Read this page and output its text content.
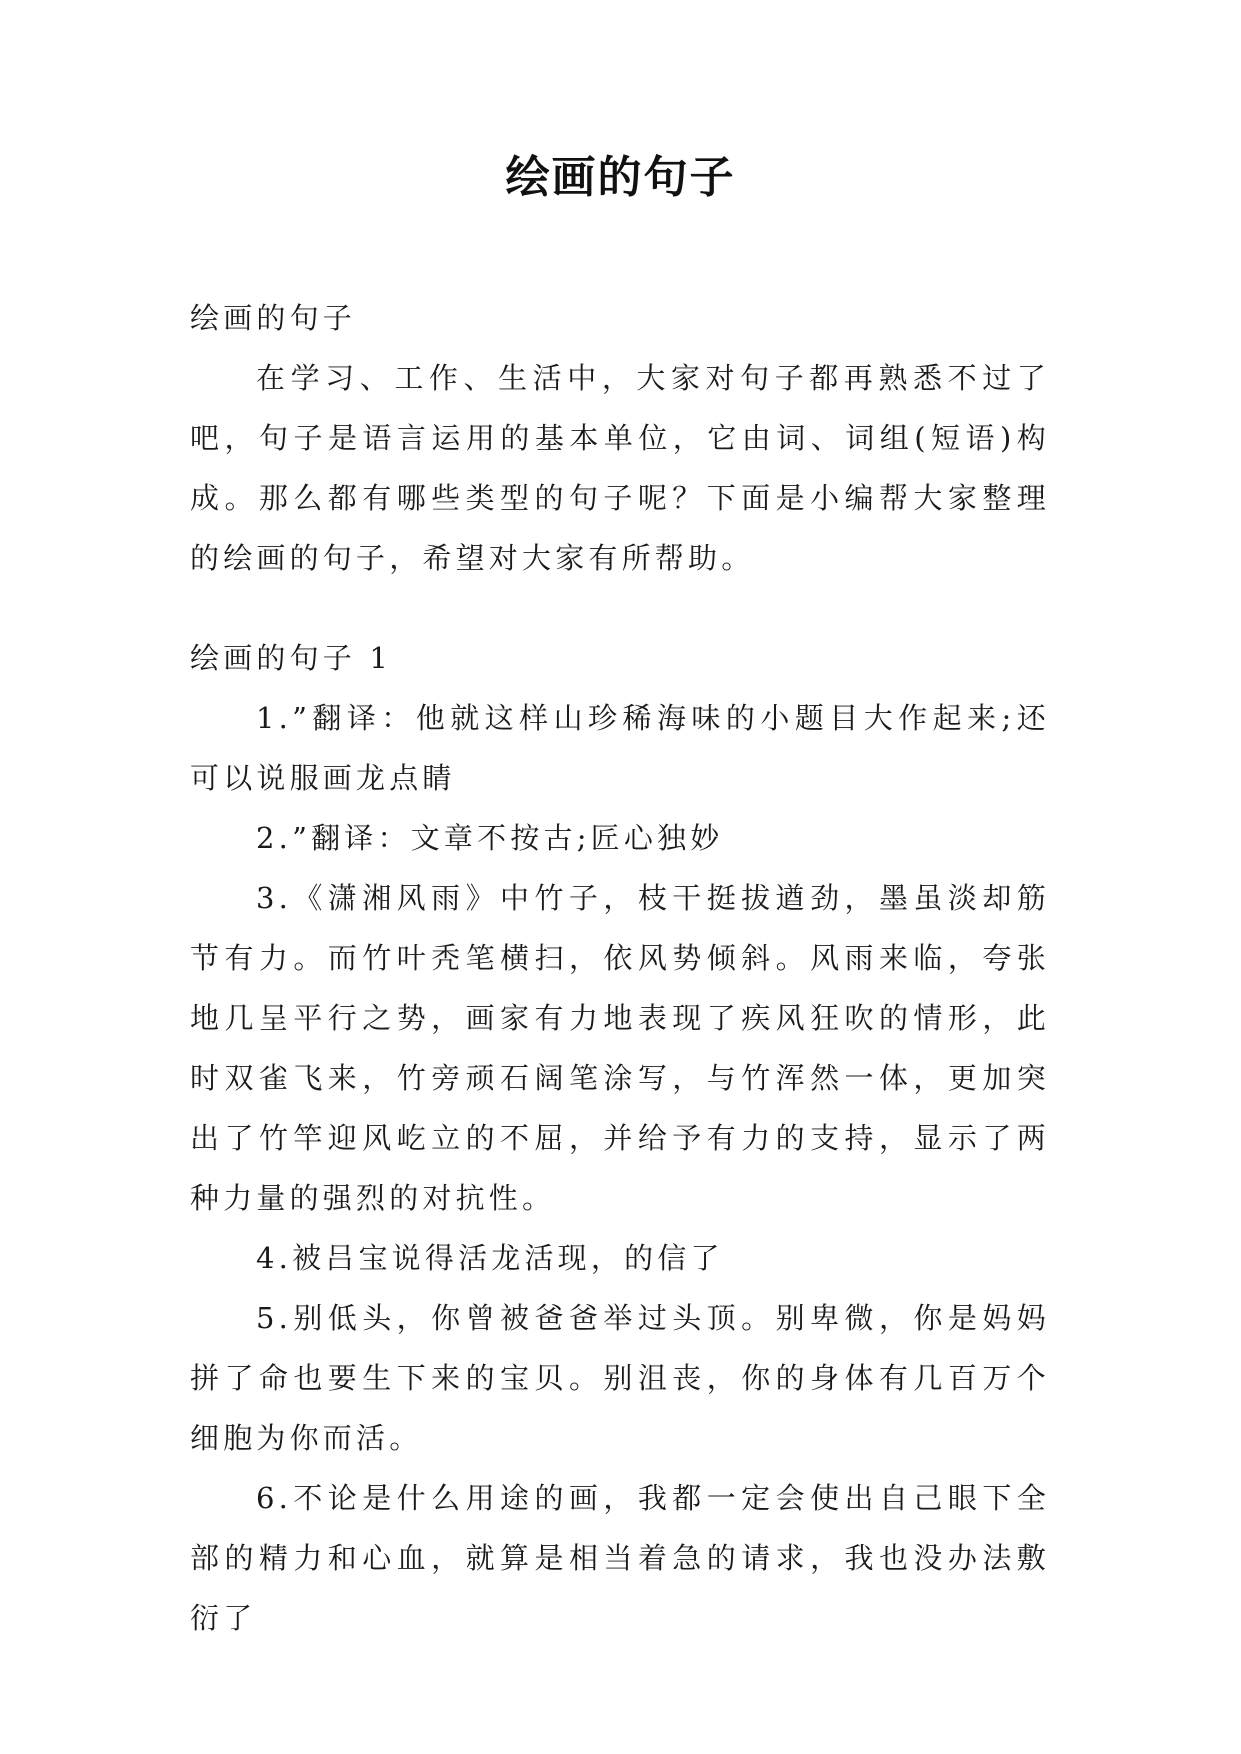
绘画的句子

绘画的句子

在学习、工作、生活中，大家对句子都再熟悉不过了吧，句子是语言运用的基本单位，它由词、词组(短语)构成。那么都有哪些类型的句子呢？下面是小编帮大家整理的绘画的句子，希望对大家有所帮助。

绘画的句子 1

1.”翻译：他就这样山珍稀海味的小题目大作起来;还可以说服画龙点睛

2.”翻译：文章不按古;匠心独妙

3.《潇湘风雨》中竹子，枝干挺拔遒劲，墨虽淡却筋节有力。而竹叶秃笔横扫，依风势倾斜。风雨来临，夸张地几呈平行之势，画家有力地表现了疾风狂吹的情形，此时双雀飞来，竹旁顽石阔笔涂写，与竹浑然一体，更加突出了竹竿迎风屹立的不屈，并给予有力的支持，显示了两种力量的强烈的对抗性。

4.被吕宝说得活龙活现，的信了

5.别低头，你曾被爸爸举过头顶。别卑微，你是妈妈拼了命也要生下来的宝贝。别沮丧，你的身体有几百万个细胞为你而活。

6.不论是什么用途的画，我都一定会使出自己眼下全部的精力和心血，就算是相当着急的请求，我也没办法敷衍了
